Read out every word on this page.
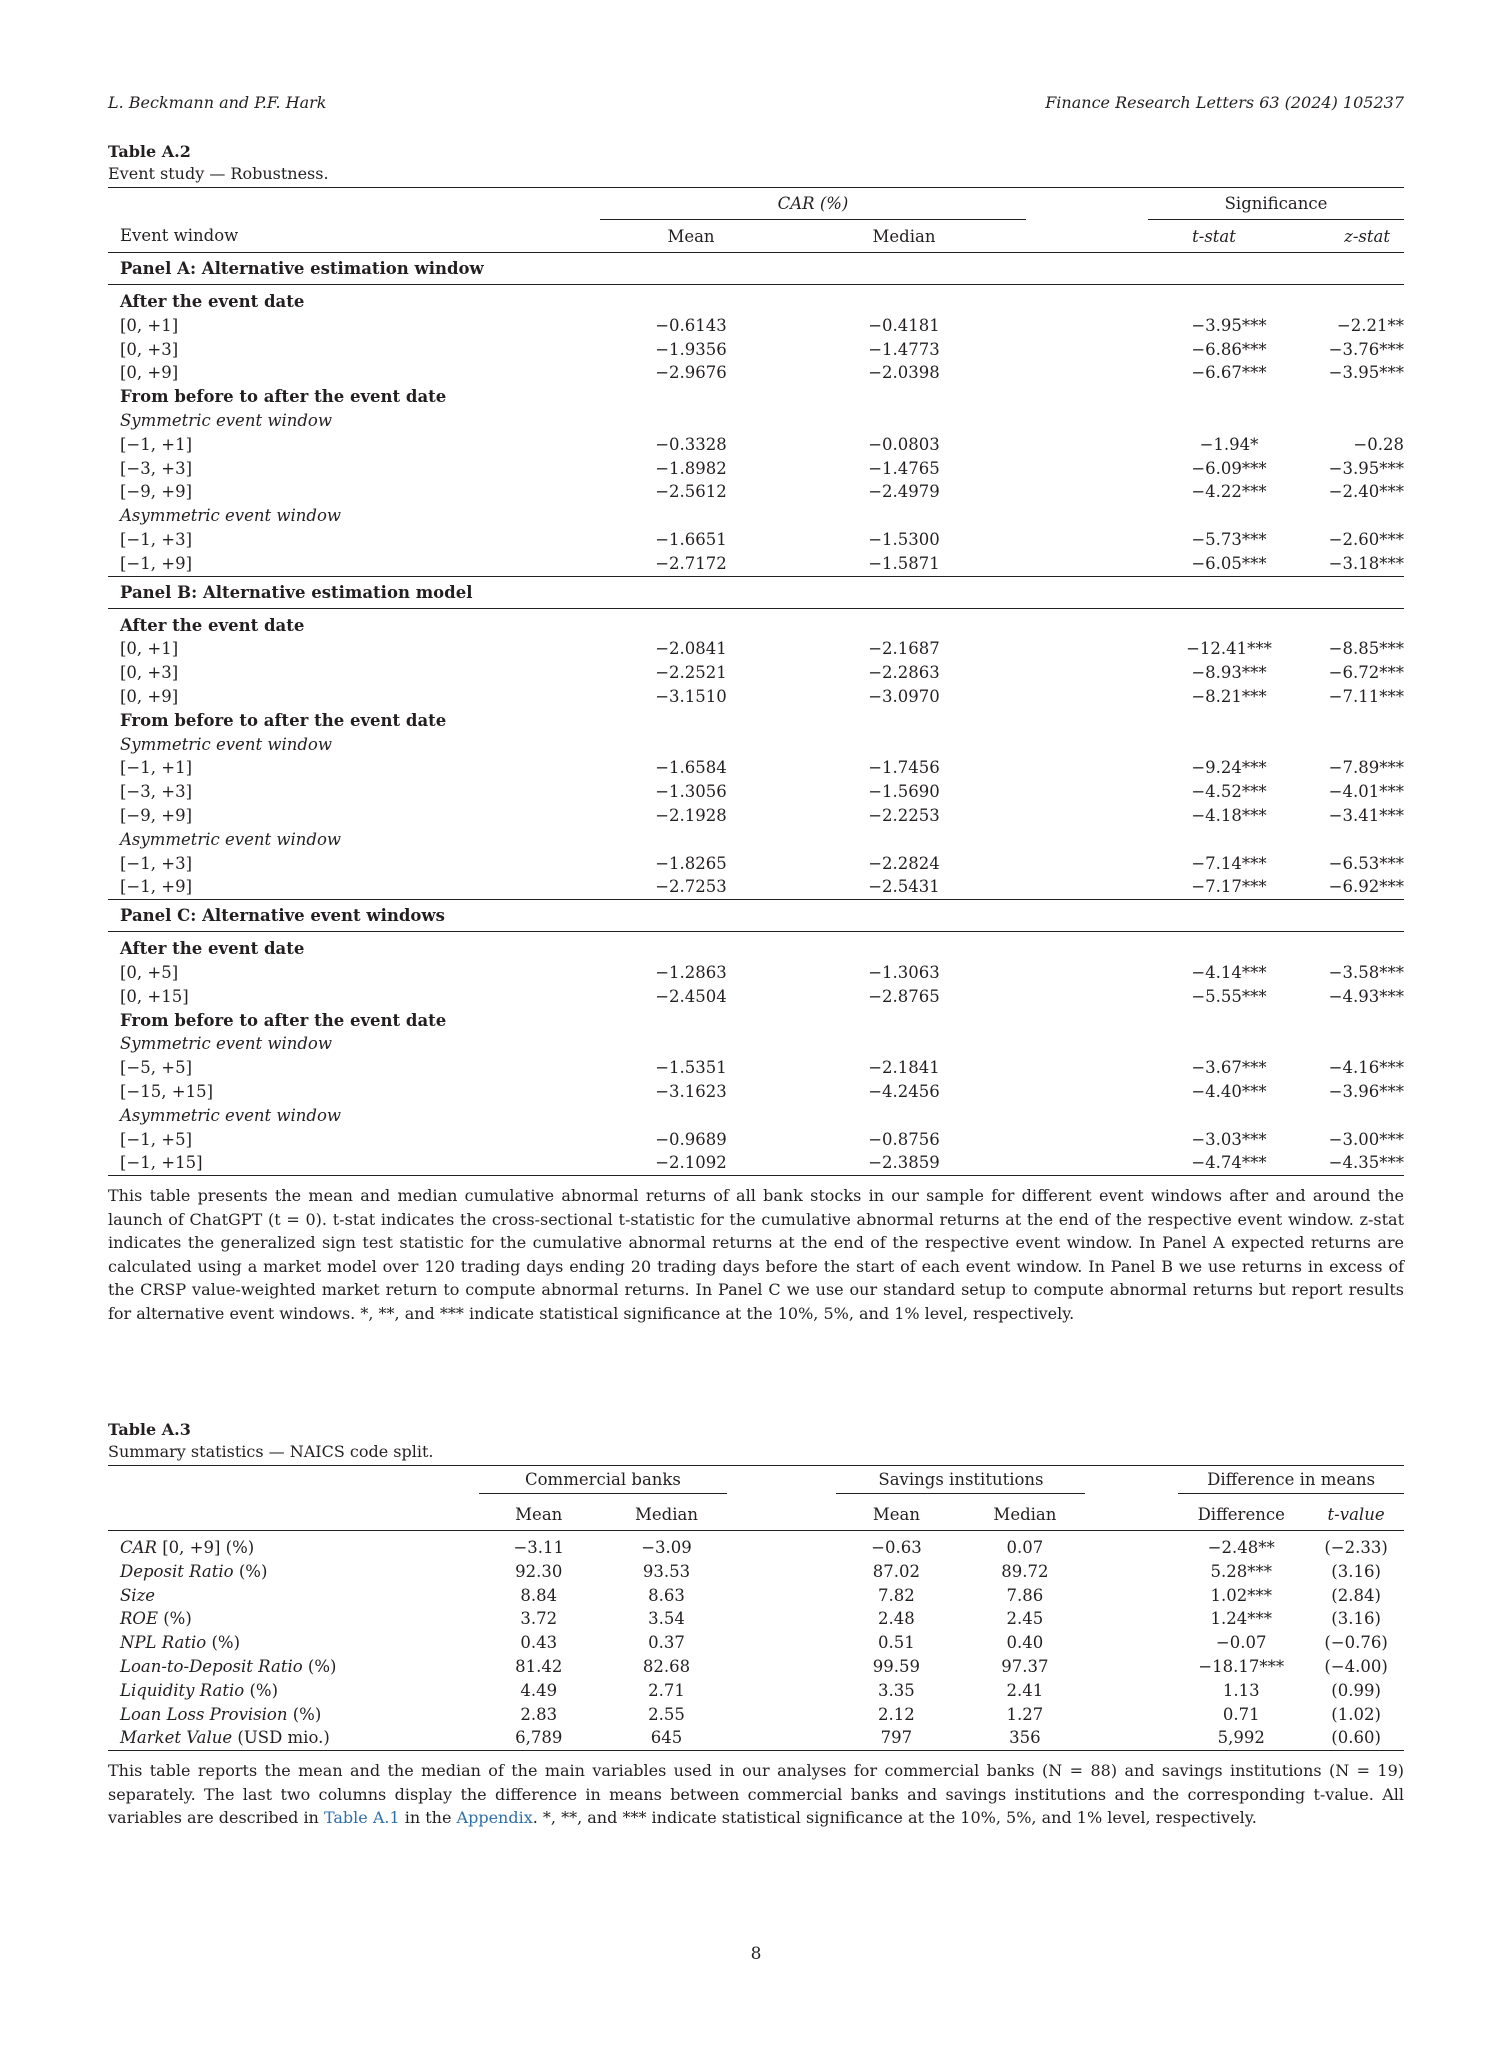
L. Beckmann and P.F. Hark	Finance Research Letters 63 (2024) 105237
Table A.2
Event study — Robustness.
	CAR (%)			Significance	
Event window	Mean	Median		t-stat	z-stat
Panel A: Alternative estimation window					
After the event date					
[0, +1]	−0.6143	−0.4181		−3.95***	−2.21**
[0, +3]	−1.9356	−1.4773		−6.86***	−3.76***
[0, +9]	−2.9676	−2.0398		−6.67***	−3.95***
From before to after the event date					
Symmetric event window					
[−1, +1]	−0.3328	−0.0803		−1.94*	−0.28
[−3, +3]	−1.8982	−1.4765		−6.09***	−3.95***
[−9, +9]	−2.5612	−2.4979		−4.22***	−2.40***
Asymmetric event window					
[−1, +3]	−1.6651	−1.5300		−5.73***	−2.60***
[−1, +9]	−2.7172	−1.5871		−6.05***	−3.18***
Panel B: Alternative estimation model					
After the event date					
[0, +1]	−2.0841	−2.1687		−12.41***	−8.85***
[0, +3]	−2.2521	−2.2863		−8.93***	−6.72***
[0, +9]	−3.1510	−3.0970		−8.21***	−7.11***
From before to after the event date					
Symmetric event window					
[−1, +1]	−1.6584	−1.7456		−9.24***	−7.89***
[−3, +3]	−1.3056	−1.5690		−4.52***	−4.01***
[−9, +9]	−2.1928	−2.2253		−4.18***	−3.41***
Asymmetric event window					
[−1, +3]	−1.8265	−2.2824		−7.14***	−6.53***
[−1, +9]	−2.7253	−2.5431		−7.17***	−6.92***
Panel C: Alternative event windows					
After the event date					
[0, +5]	−1.2863	−1.3063		−4.14***	−3.58***
[0, +15]	−2.4504	−2.8765		−5.55***	−4.93***
From before to after the event date					
Symmetric event window					
[−5, +5]	−1.5351	−2.1841		−3.67***	−4.16***
[−15, +15]	−3.1623	−4.2456		−4.40***	−3.96***
Asymmetric event window					
[−1, +5]	−0.9689	−0.8756		−3.03***	−3.00***
[−1, +15]	−2.1092	−2.3859		−4.74***	−4.35***
This table presents the mean and median cumulative abnormal returns of all bank stocks in our sample for different event windows after and around the launch of ChatGPT (t = 0). t-stat indicates the cross-sectional t-statistic for the cumulative abnormal returns at the end of the respective event window. z-stat indicates the generalized sign test statistic for the cumulative abnormal returns at the end of the respective event window. In Panel A expected returns are calculated using a market model over 120 trading days ending 20 trading days before the start of each event window. In Panel B we use returns in excess of the CRSP value-weighted market return to compute abnormal returns. In Panel C we use our standard setup to compute abnormal returns but report results for alternative event windows. *, **, and *** indicate statistical significance at the 10%, 5%, and 1% level, respectively.
Table A.3
Summary statistics — NAICS code split.

	Commercial banks			Savings institutions			Difference in means	

	Mean	Median		Mean	Median		Difference	t-value
CAR [0, +9] (%)	−3.11	−3.09		−0.63	0.07		−2.48**	(−2.33)
Deposit Ratio (%)	92.30	93.53		87.02	89.72		5.28***	(3.16)
Size	8.84	8.63		7.82	7.86		1.02***	(2.84)
ROE (%)	3.72	3.54		2.48	2.45		1.24***	(3.16)
NPL Ratio (%)	0.43	0.37		0.51	0.40		−0.07	(−0.76)
Loan-to-Deposit Ratio (%)	81.42	82.68		99.59	97.37		−18.17***	(−4.00)
Liquidity Ratio (%)	4.49	2.71		3.35	2.41		1.13	(0.99)
Loan Loss Provision (%)	2.83	2.55		2.12	1.27		0.71	(1.02)
Market Value (USD mio.)	6,789	645		797	356		5,992	(0.60)
This table reports the mean and the median of the main variables used in our analyses for commercial banks (N = 88) and savings institutions (N = 19) separately. The last two columns display the difference in means between commercial banks and savings institutions and the corresponding t-value. All variables are described in Table A.1 in the Appendix. *, **, and *** indicate statistical significance at the 10%, 5%, and 1% level, respectively.
8
